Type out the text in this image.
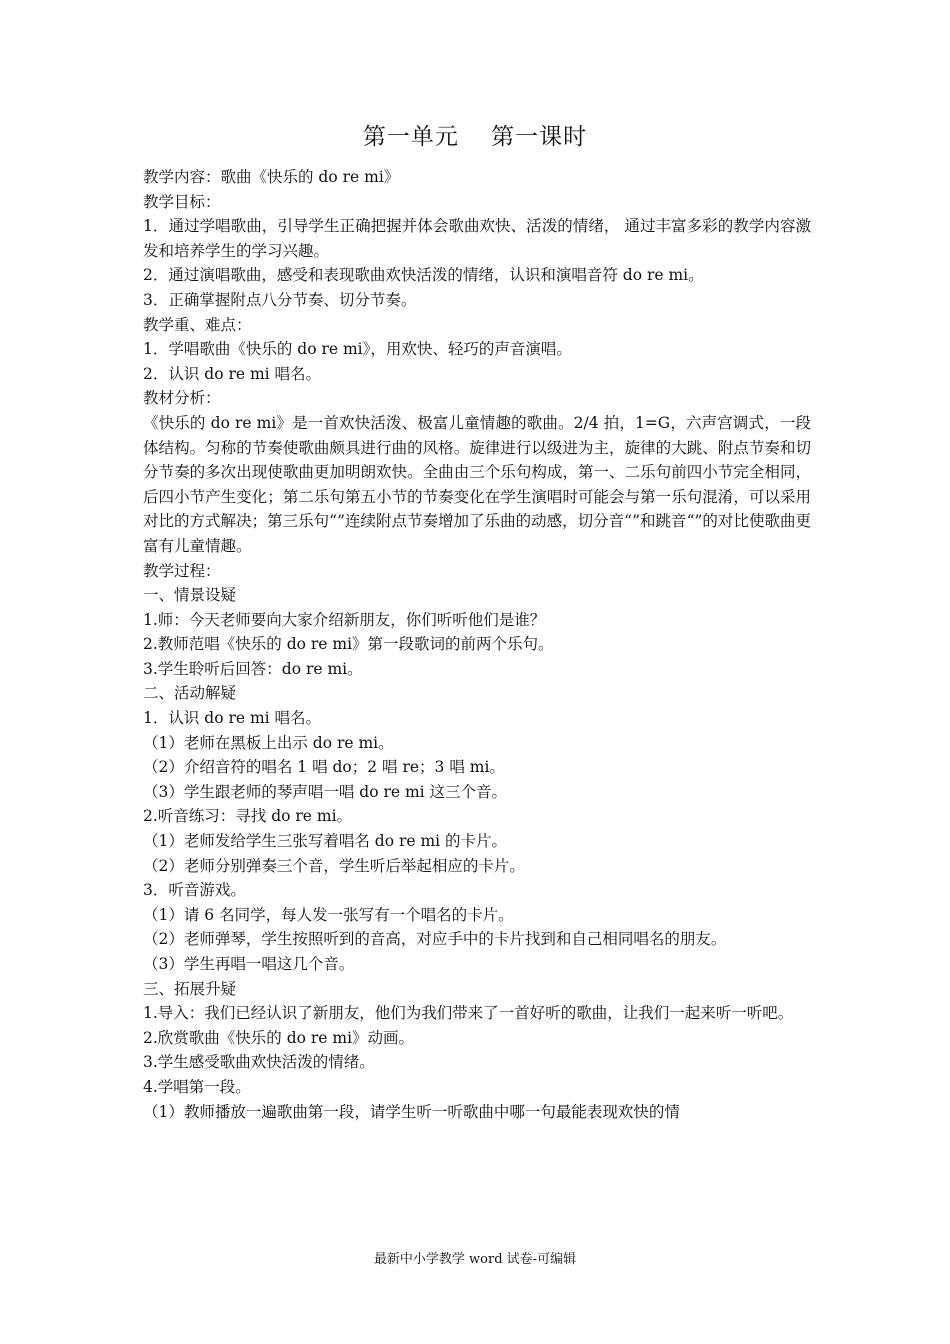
第一单元　 第一课时
教学内容：歌曲《快乐的 do re mi》
教学目标：
1．通过学唱歌曲，引导学生正确把握并体会歌曲欢快、活泼的情绪， 通过丰富多彩的教学内容激发和培养学生的学习兴趣。
2．通过演唱歌曲，感受和表现歌曲欢快活泼的情绪，认识和演唱音符 do re mi。
3．正确掌握附点八分节奏、切分节奏。
教学重、难点：
1．学唱歌曲《快乐的 do re mi》，用欢快、轻巧的声音演唱。
2．认识 do re mi 唱名。
教材分析：
《快乐的 do re mi》是一首欢快活泼、极富儿童情趣的歌曲。2/4 拍，1=G，六声宫调式，一段体结构。匀称的节奏使歌曲颇具进行曲的风格。旋律进行以级进为主，旋律的大跳、附点节奏和切分节奏的多次出现使歌曲更加明朗欢快。全曲由三个乐句构成，第一、二乐句前四小节完全相同，后四小节产生变化；第二乐句第五小节的节奏变化在学生演唱时可能会与第一乐句混淆，可以采用对比的方式解决；第三乐句“”连续附点节奏增加了乐曲的动感，切分音“”和跳音“”的对比使歌曲更富有儿童情趣。
教学过程：
一、情景设疑
1.师：今天老师要向大家介绍新朋友，你们听听他们是谁？
2.教师范唱《快乐的 do re mi》第一段歌词的前两个乐句。
3.学生聆听后回答：do re mi。
二、活动解疑
1．认识 do re mi 唱名。
（1）老师在黑板上出示 do re mi。
（2）介绍音符的唱名 1 唱 do；2 唱 re；3 唱 mi。
（3）学生跟老师的琴声唱一唱 do re mi 这三个音。
2.听音练习：寻找 do re mi。
（1）老师发给学生三张写着唱名 do re mi 的卡片。
（2）老师分别弹奏三个音，学生听后举起相应的卡片。
3．听音游戏。
（1）请 6 名同学，每人发一张写有一个唱名的卡片。
（2）老师弹琴，学生按照听到的音高，对应手中的卡片找到和自己相同唱名的朋友。
（3）学生再唱一唱这几个音。
三、拓展升疑
1.导入：我们已经认识了新朋友，他们为我们带来了一首好听的歌曲，让我们一起来听一听吧。
2.欣赏歌曲《快乐的 do re mi》动画。
3.学生感受歌曲欢快活泼的情绪。
4.学唱第一段。
（1）教师播放一遍歌曲第一段，请学生听一听歌曲中哪一句最能表现欢快的情
最新中小学教学 word 试卷-可编辑
